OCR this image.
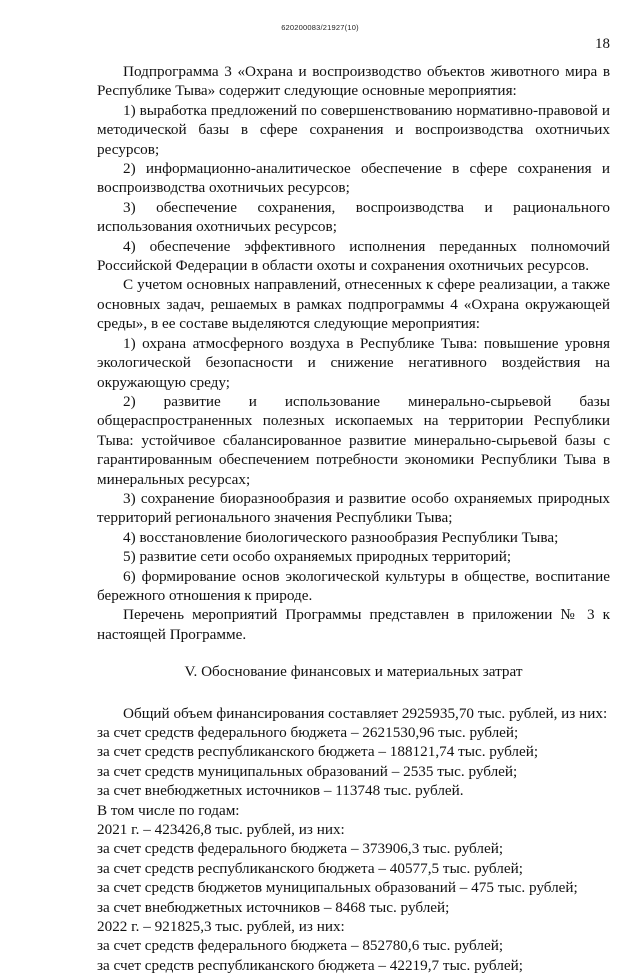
620200083/21927(10)
18

Подпрограмма 3 «Охрана и воспроизводство объектов животного мира в Республике Тыва» содержит следующие основные мероприятия:

1) выработка предложений по совершенствованию нормативно-правовой и методической базы в сфере сохранения и воспроизводства охотничьих ресурсов;

2) информационно-аналитическое обеспечение в сфере сохранения и воспроизводства охотничьих ресурсов;

3) обеспечение сохранения, воспроизводства и рационального использования охотничьих ресурсов;

4) обеспечение эффективного исполнения переданных полномочий Российской Федерации в области охоты и сохранения охотничьих ресурсов.

С учетом основных направлений, отнесенных к сфере реализации, а также основных задач, решаемых в рамках подпрограммы 4 «Охрана окружающей среды», в ее составе выделяются следующие мероприятия:

1) охрана атмосферного воздуха в Республике Тыва: повышение уровня экологической безопасности и снижение негативного воздействия на окружающую среду;

2) развитие и использование минерально-сырьевой базы общераспространенных полезных ископаемых на территории Республики Тыва: устойчивое сбалансированное развитие минерально-сырьевой базы с гарантированным обеспечением потребности экономики Республики Тыва в минеральных ресурсах;

3) сохранение биоразнообразия и развитие особо охраняемых природных территорий регионального значения Республики Тыва;

4) восстановление биологического разнообразия Республики Тыва;

5) развитие сети особо охраняемых природных территорий;

6) формирование основ экологической культуры в обществе, воспитание бережного отношения к природе.

Перечень мероприятий Программы представлен в приложении № 3 к настоящей Программе.

V. Обоснование финансовых и материальных затрат

Общий объем финансирования составляет 2925935,70 тыс. рублей, из них:

за счет средств федерального бюджета – 2621530,96 тыс. рублей;

за счет средств республиканского бюджета – 188121,74 тыс. рублей;

за счет средств муниципальных образований – 2535 тыс. рублей;

за счет внебюджетных источников – 113748 тыс. рублей.

В том числе по годам:

2021 г. – 423426,8 тыс. рублей, из них:

за счет средств федерального бюджета – 373906,3 тыс. рублей;

за счет средств республиканского бюджета – 40577,5 тыс. рублей;

за счет средств бюджетов муниципальных образований – 475 тыс. рублей;

за счет внебюджетных источников – 8468 тыс. рублей;

2022 г. – 921825,3 тыс. рублей, из них:

за счет средств федерального бюджета – 852780,6 тыс. рублей;

за счет средств республиканского бюджета – 42219,7 тыс. рублей;
